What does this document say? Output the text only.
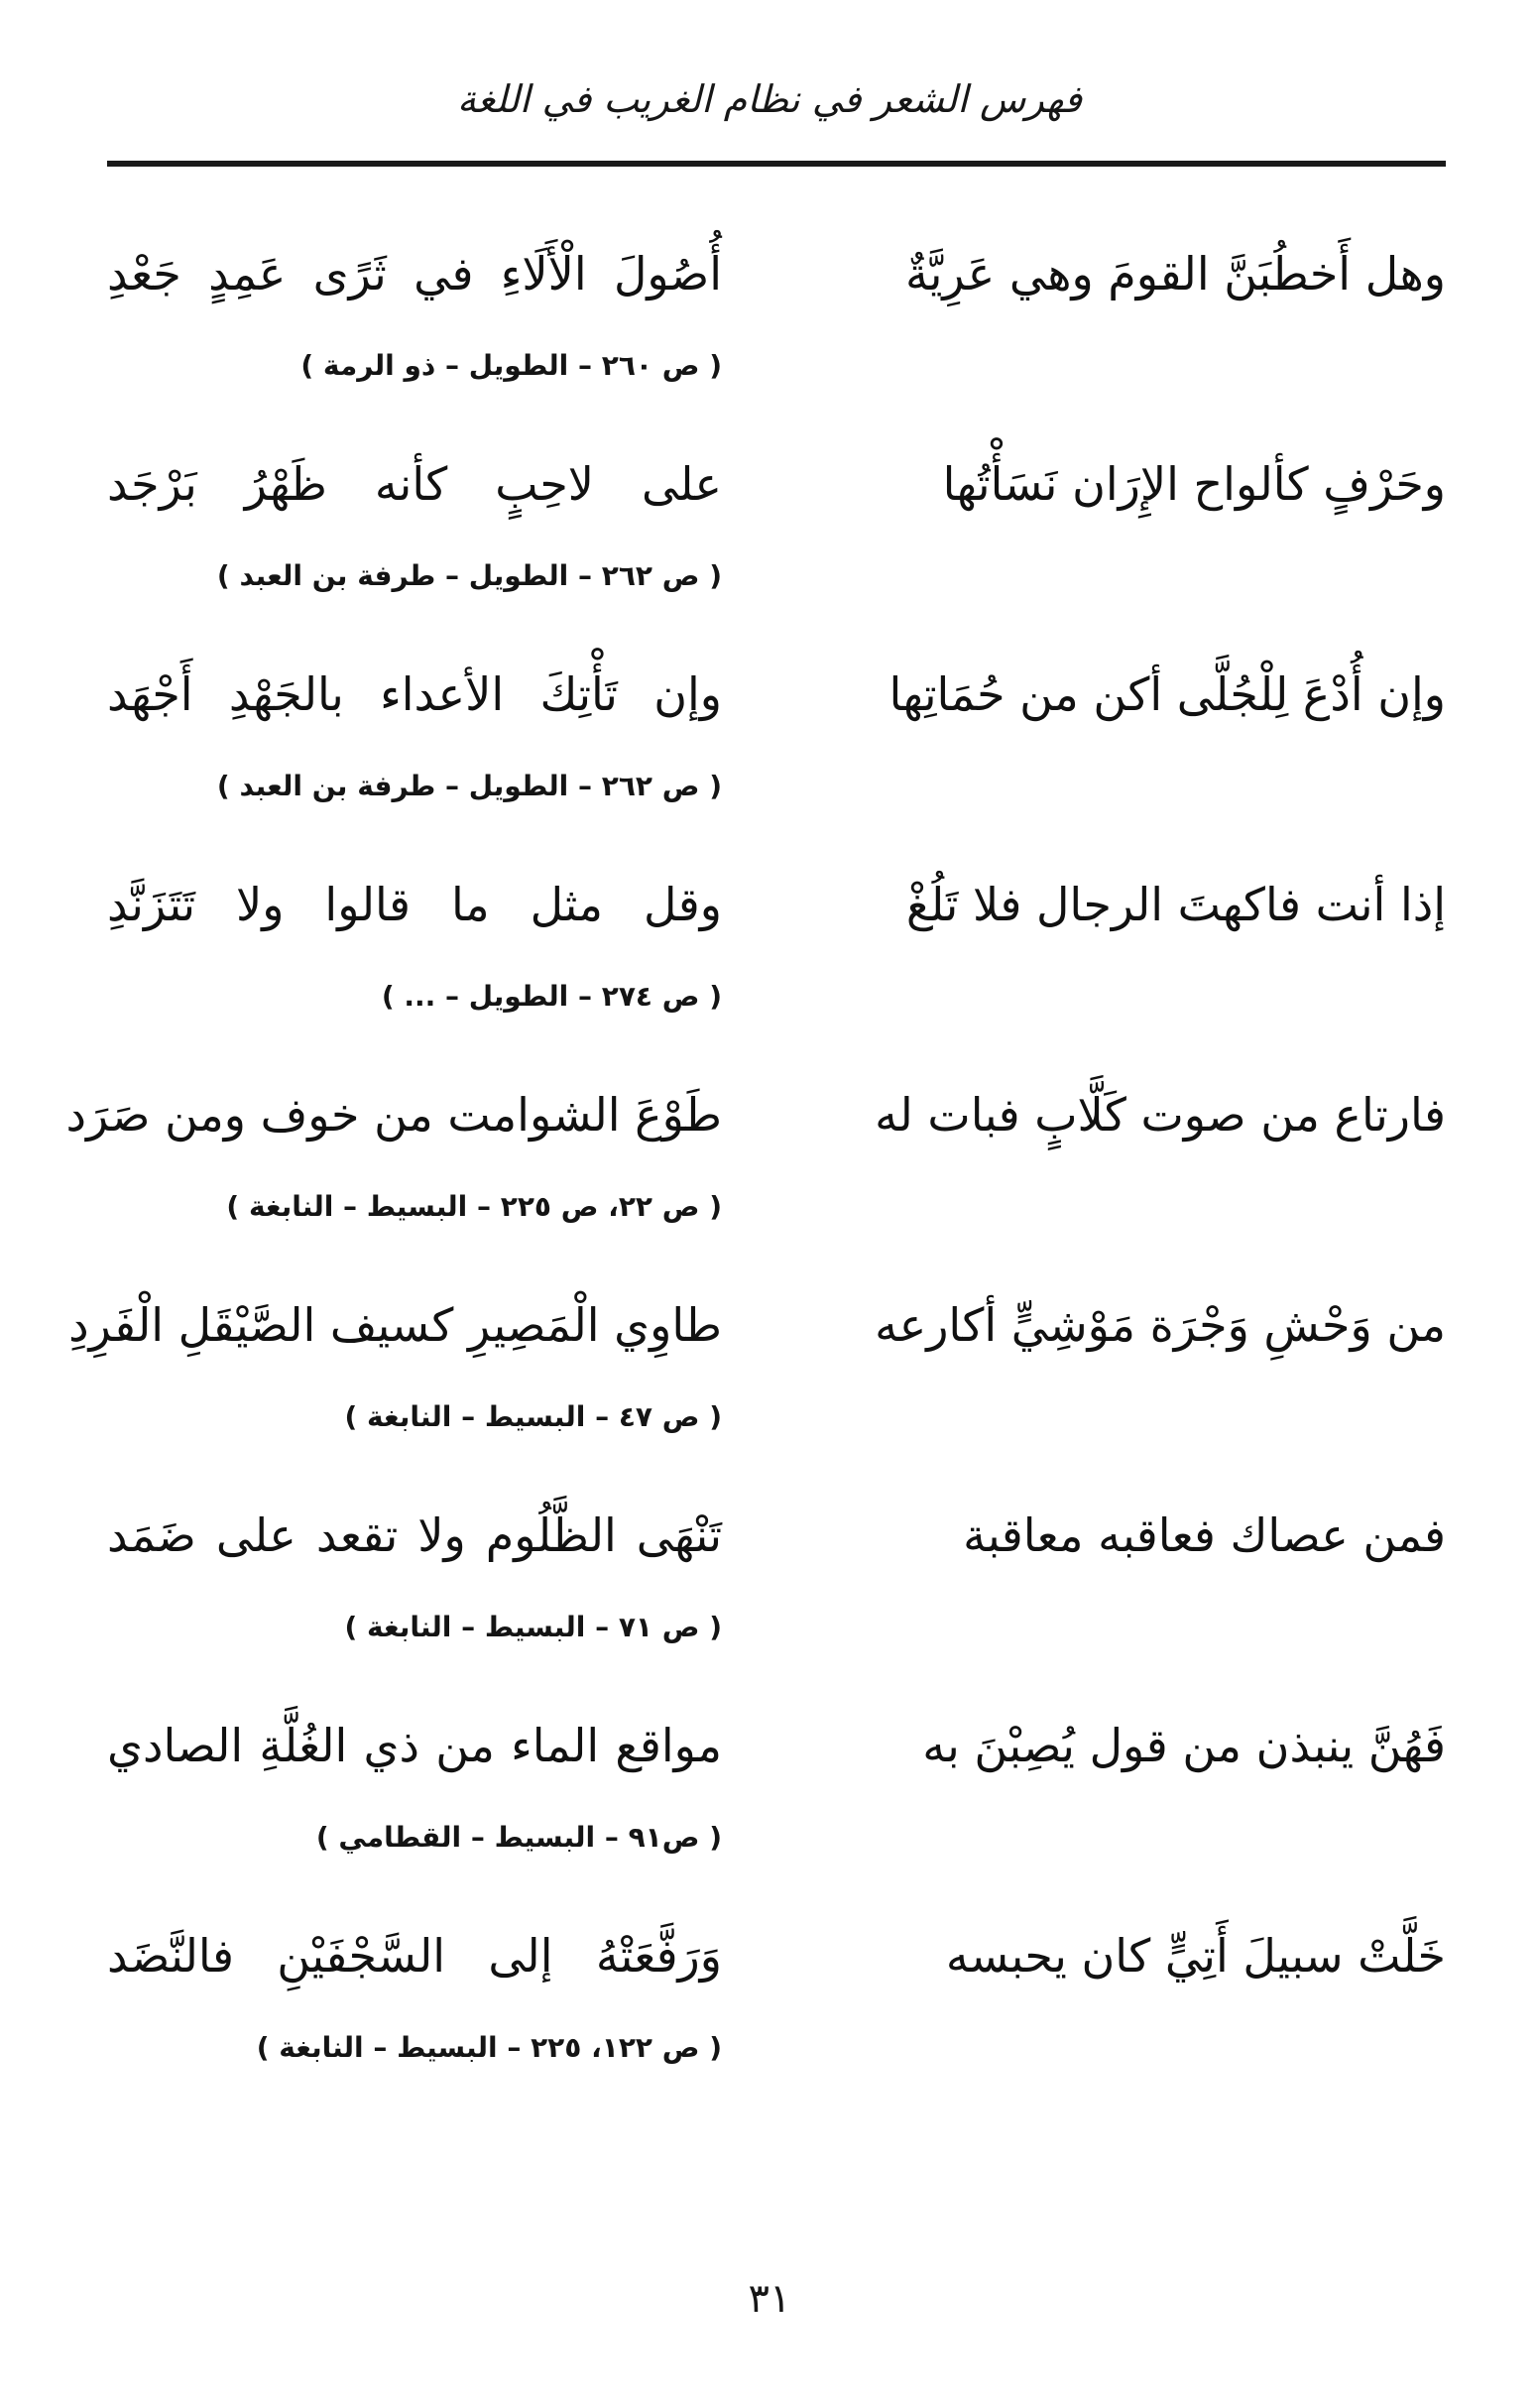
فهرس الشعر في نظام الغريب في اللغة
وهل أَخطُبَنَّ القومَ وهي عَرِيَّةٌ
أُصُولَ الْأَلَاءِ في ثَرًى عَمِدٍ جَعْدِ
( ص ٢٦٠ – الطويل – ذو الرمة )
وحَرْفٍ كألواح الإِرَان نَسَأْتُها
على لاحِبٍ كأنه ظَهْرُ بَرْجَد
( ص ٢٦٢ – الطويل – طرفة بن العبد )
وإن أُدْعَ لِلْجُلَّى أكن من حُمَاتِها
وإن تَأْتِكَ الأعداء بالجَهْدِ أَجْهَد
( ص ٢٦٢ – الطويل – طرفة بن العبد )
إذا أنت فاكهتَ الرجال فلا تَلُغْ
وقل مثل ما قالوا ولا تَتَزَنَّدِ
( ص ٢٧٤ – الطويل – ... )
فارتاع من صوت كَلَّابٍ فبات له
طَوْعَ الشوامت من خوف ومن صَرَد
( ص ٢٢، ص ٢٢٥ – البسيط – النابغة )
من وَحْشِ وَجْرَة مَوْشِيٍّ أكارعه
طاوِي الْمَصِيرِ كسيف الصَّيْقَلِ الْفَرِدِ
( ص ٤٧ – البسيط – النابغة )
فمن عصاك فعاقبه معاقبة
تَنْهَى الظَّلُوم ولا تقعد على ضَمَد
( ص ٧١ – البسيط – النابغة )
فَهُنَّ ينبذن من قول يُصِبْنَ به
مواقع الماء من ذي الغُلَّةِ الصادي
( ص٩١ – البسيط – القطامي )
خَلَّتْ سبيلَ أَتِيٍّ كان يحبسه
وَرَفَّعَتْهُ إلى السَّجْفَيْنِ فالنَّضَد
( ص ١٢٢، ٢٢٥ – البسيط – النابغة )
٣١
